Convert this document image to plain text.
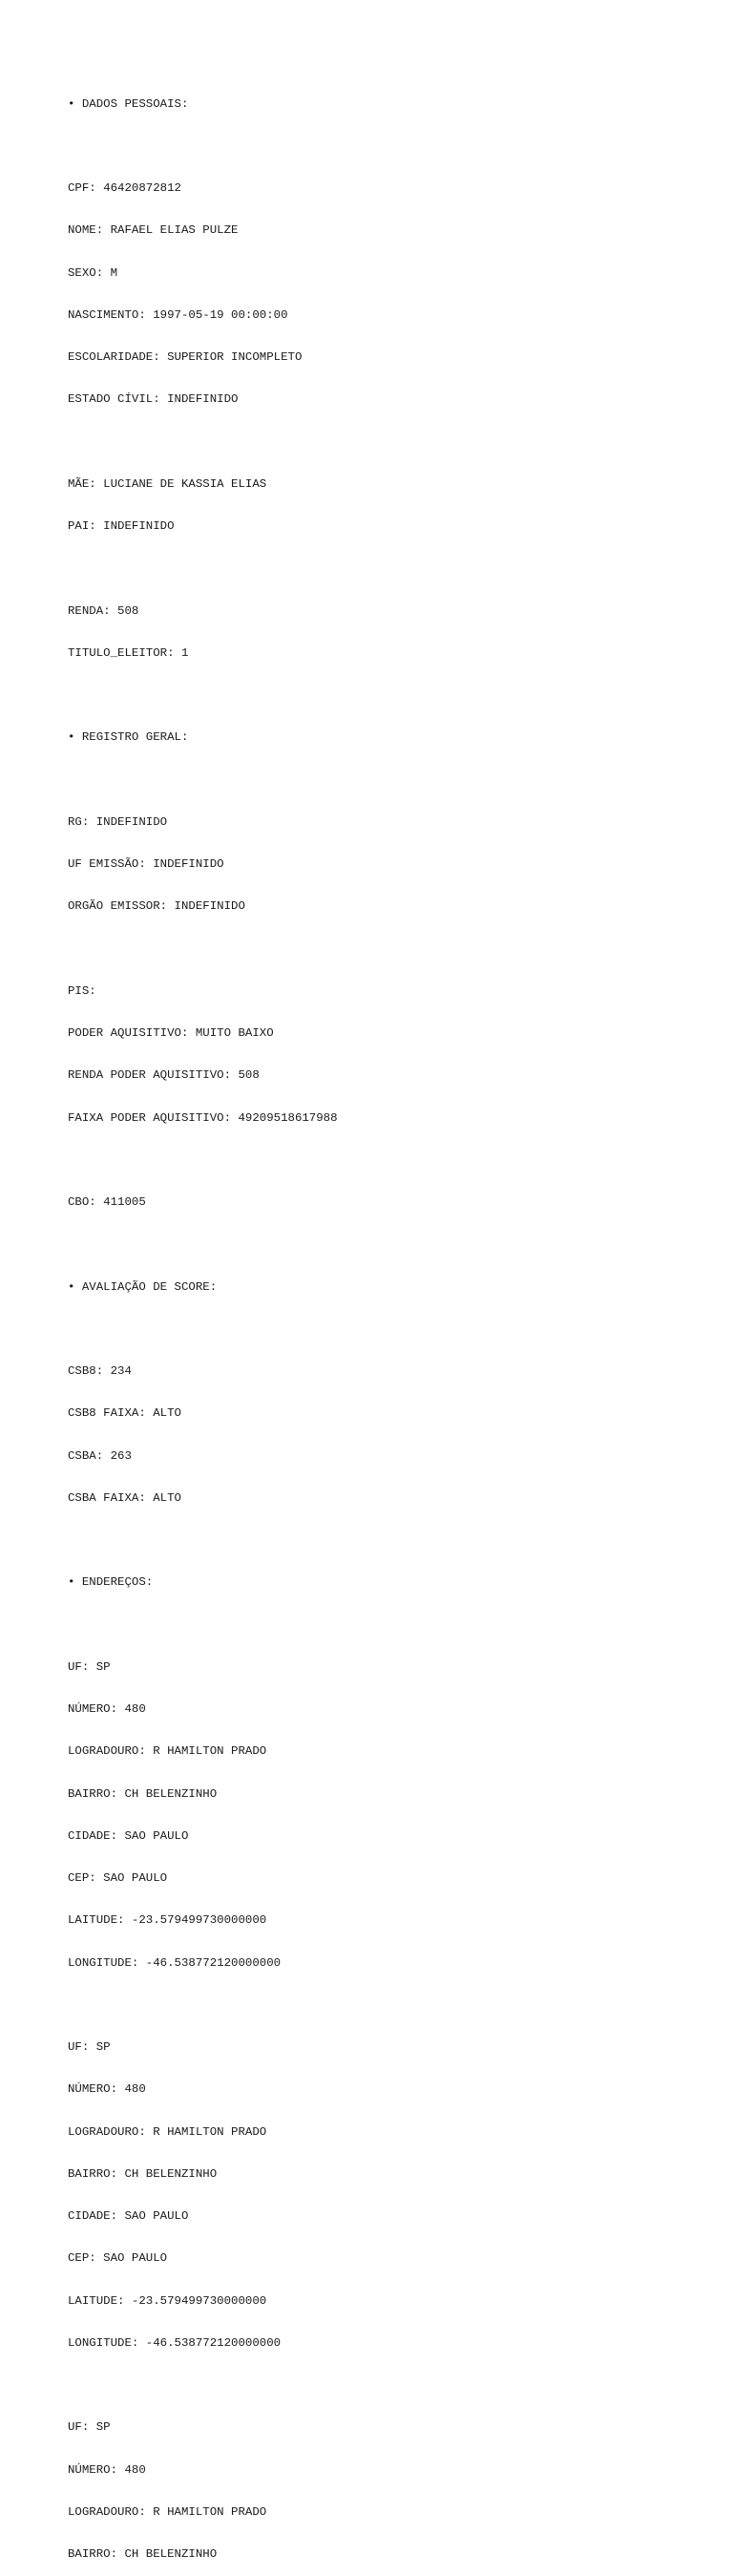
• DADOS PESSOAIS:

CPF: 46420872812

NOME: RAFAEL ELIAS PULZE

SEXO: M

NASCIMENTO: 1997-05-19 00:00:00

ESCOLARIDADE: SUPERIOR INCOMPLETO

ESTADO CÍVIL: INDEFINIDO

MÃE: LUCIANE DE KASSIA ELIAS

PAI: INDEFINIDO

RENDA: 508

TITULO_ELEITOR: 1

• REGISTRO GERAL:

RG: INDEFINIDO

UF EMISSÃO: INDEFINIDO

ORGÃO EMISSOR: INDEFINIDO

PIS:

PODER AQUISITIVO: MUITO BAIXO

RENDA PODER AQUISITIVO: 508

FAIXA PODER AQUISITIVO: 49209518617988

CBO: 411005

• AVALIAÇÃO DE SCORE:

CSB8: 234

CSB8 FAIXA: ALTO

CSBA: 263

CSBA FAIXA: ALTO

• ENDEREÇOS:

UF: SP

NÚMERO: 480

LOGRADOURO: R HAMILTON PRADO

BAIRRO: CH BELENZINHO

CIDADE: SAO PAULO

CEP: SAO PAULO

LAITUDE: -23.579499730000000

LONGITUDE: -46.538772120000000

UF: SP

NÚMERO: 480

LOGRADOURO: R HAMILTON PRADO

BAIRRO: CH BELENZINHO

CIDADE: SAO PAULO

CEP: SAO PAULO

LAITUDE: -23.579499730000000

LONGITUDE: -46.538772120000000

UF: SP

NÚMERO: 480

LOGRADOURO: R HAMILTON PRADO

BAIRRO: CH BELENZINHO
